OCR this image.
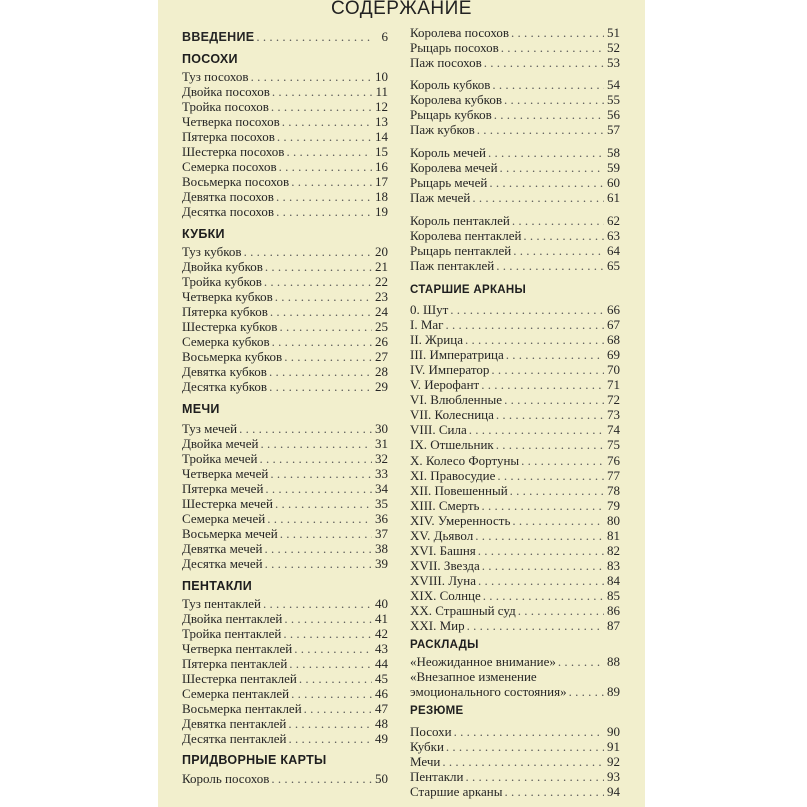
СОДЕРЖАНИЕ
ВВЕДЕНИЕ . . .	6
ПОСОХИ
Туз посохов . . .	10
Двойка посохов . . .	11
Тройка посохов . . .	12
Четверка посохов . . .	13
Пятерка посохов . . .	14
Шестерка посохов . . .	15
Семерка посохов . . .	16
Восьмерка посохов . . .	17
Девятка посохов . . .	18
Десятка посохов . . .	19
КУБКИ
Туз кубков . . .	20
Двойка кубков . . .	21
Тройка кубков . . .	22
Четверка кубков . . .	23
Пятерка кубков . . .	24
Шестерка кубков . . .	25
Семерка кубков . . .	26
Восьмерка кубков . . .	27
Девятка кубков . . .	28
Десятка кубков . . .	29
МЕЧИ
Туз мечей . . .	30
Двойка мечей . . .	31
Тройка мечей . . .	32
Четверка мечей . . .	33
Пятерка мечей . . .	34
Шестерка мечей . . .	35
Семерка мечей . . .	36
Восьмерка мечей . . .	37
Девятка мечей . . .	38
Десятка мечей . . .	39
ПЕНТАКЛИ
Туз пентаклей . . .	40
Двойка пентаклей . . .	41
Тройка пентаклей . . .	42
Четверка пентаклей . . .	43
Пятерка пентаклей . . .	44
Шестерка пентаклей . . .	45
Семерка пентаклей . . .	46
Восьмерка пентаклей . . .	47
Девятка пентаклей . . .	48
Десятка пентаклей . . .	49
ПРИДВОРНЫЕ КАРТЫ
Король посохов . . .	50
Королева посохов . . .	51
Рыцарь посохов . . .	52
Паж посохов . . .	53
Король кубков . . .	54
Королева кубков . . .	55
Рыцарь кубков . . .	56
Паж кубков . . .	57
Король мечей . . .	58
Королева мечей . . .	59
Рыцарь мечей . . .	60
Паж мечей . . .	61
Король пентаклей . . .	62
Королева пентаклей . . .	63
Рыцарь пентаклей . . .	64
Паж пентаклей . . .	65
СТАРШИЕ АРКАНЫ
0. Шут . . .	66
I. Маг . . .	67
II. Жрица . . .	68
III. Императрица . . .	69
IV. Император . . .	70
V. Иерофант . . .	71
VI. Влюбленные . . .	72
VII. Колесница . . .	73
VIII. Сила . . .	74
IX. Отшельник . . .	75
X. Колесо Фортуны . . .	76
XI. Правосудие . . .	77
XII. Повешенный . . .	78
XIII. Смерть . . .	79
XIV. Умеренность . . .	80
XV. Дьявол . . .	81
XVI. Башня . . .	82
XVII. Звезда . . .	83
XVIII. Луна . . .	84
XIX. Солнце . . .	85
XX. Страшный суд . . .	86
XXI. Мир . . .	87
РАСКЛАДЫ
«Неожиданное внимание» . . .	88
«Внезапное изменение
эмоционального состояния» . . .	89
РЕЗЮМЕ
Посохи . . .	90
Кубки . . .	91
Мечи . . .	92
Пентакли . . .	93
Старшие арканы . . .	94
